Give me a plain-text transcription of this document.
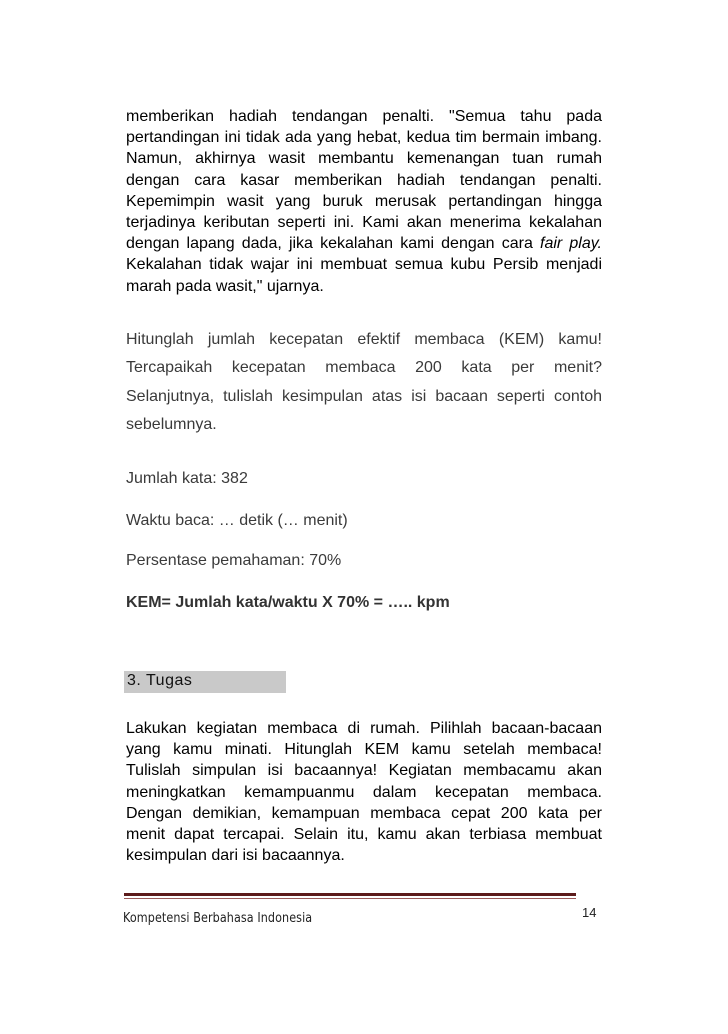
memberikan hadiah tendangan penalti. "Semua tahu pada pertandingan ini tidak ada yang hebat, kedua tim bermain imbang. Namun, akhirnya wasit membantu kemenangan tuan rumah dengan cara kasar memberikan hadiah tendangan penalti. Kepemimpin wasit yang buruk merusak pertandingan hingga terjadinya keributan seperti ini. Kami akan menerima kekalahan dengan lapang dada, jika kekalahan kami dengan cara fair play. Kekalahan tidak wajar ini membuat semua kubu Persib menjadi marah pada wasit," ujarnya.

Hitunglah jumlah kecepatan efektif membaca (KEM) kamu! Tercapaikah kecepatan membaca 200 kata per menit? Selanjutnya, tulislah kesimpulan atas isi bacaan seperti contoh sebelumnya.

Jumlah kata: 382

Waktu baca: … detik (… menit)

Persentase pemahaman: 70%

KEM= Jumlah kata/waktu X 70% = ….. kpm

3. Tugas

Lakukan kegiatan membaca di rumah. Pilihlah bacaan-bacaan yang kamu minati. Hitunglah KEM kamu setelah membaca! Tulislah simpulan isi bacaannya! Kegiatan membacamu akan meningkatkan kemampuanmu dalam kecepatan membaca. Dengan demikian, kemampuan membaca cepat 200 kata per menit dapat tercapai. Selain itu, kamu akan terbiasa membuat kesimpulan dari isi bacaannya.

Kompetensi Berbahasa Indonesia	14
